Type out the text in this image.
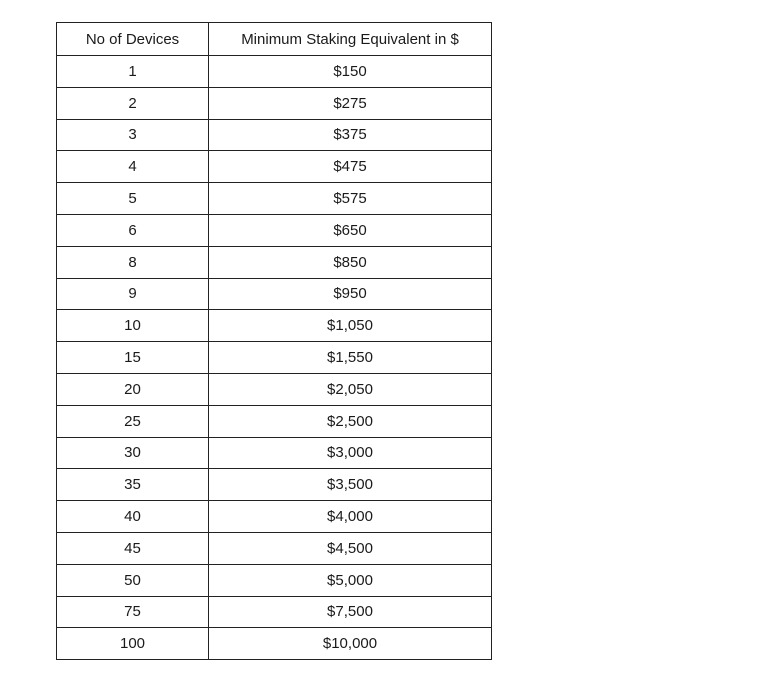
No of Devices	Minimum Staking Equivalent in $
1	$150
2	$275
3	$375
4	$475
5	$575
6	$650
8	$850
9	$950
10	$1,050
15	$1,550
20	$2,050
25	$2,500
30	$3,000
35	$3,500
40	$4,000
45	$4,500
50	$5,000
75	$7,500
100	$10,000
